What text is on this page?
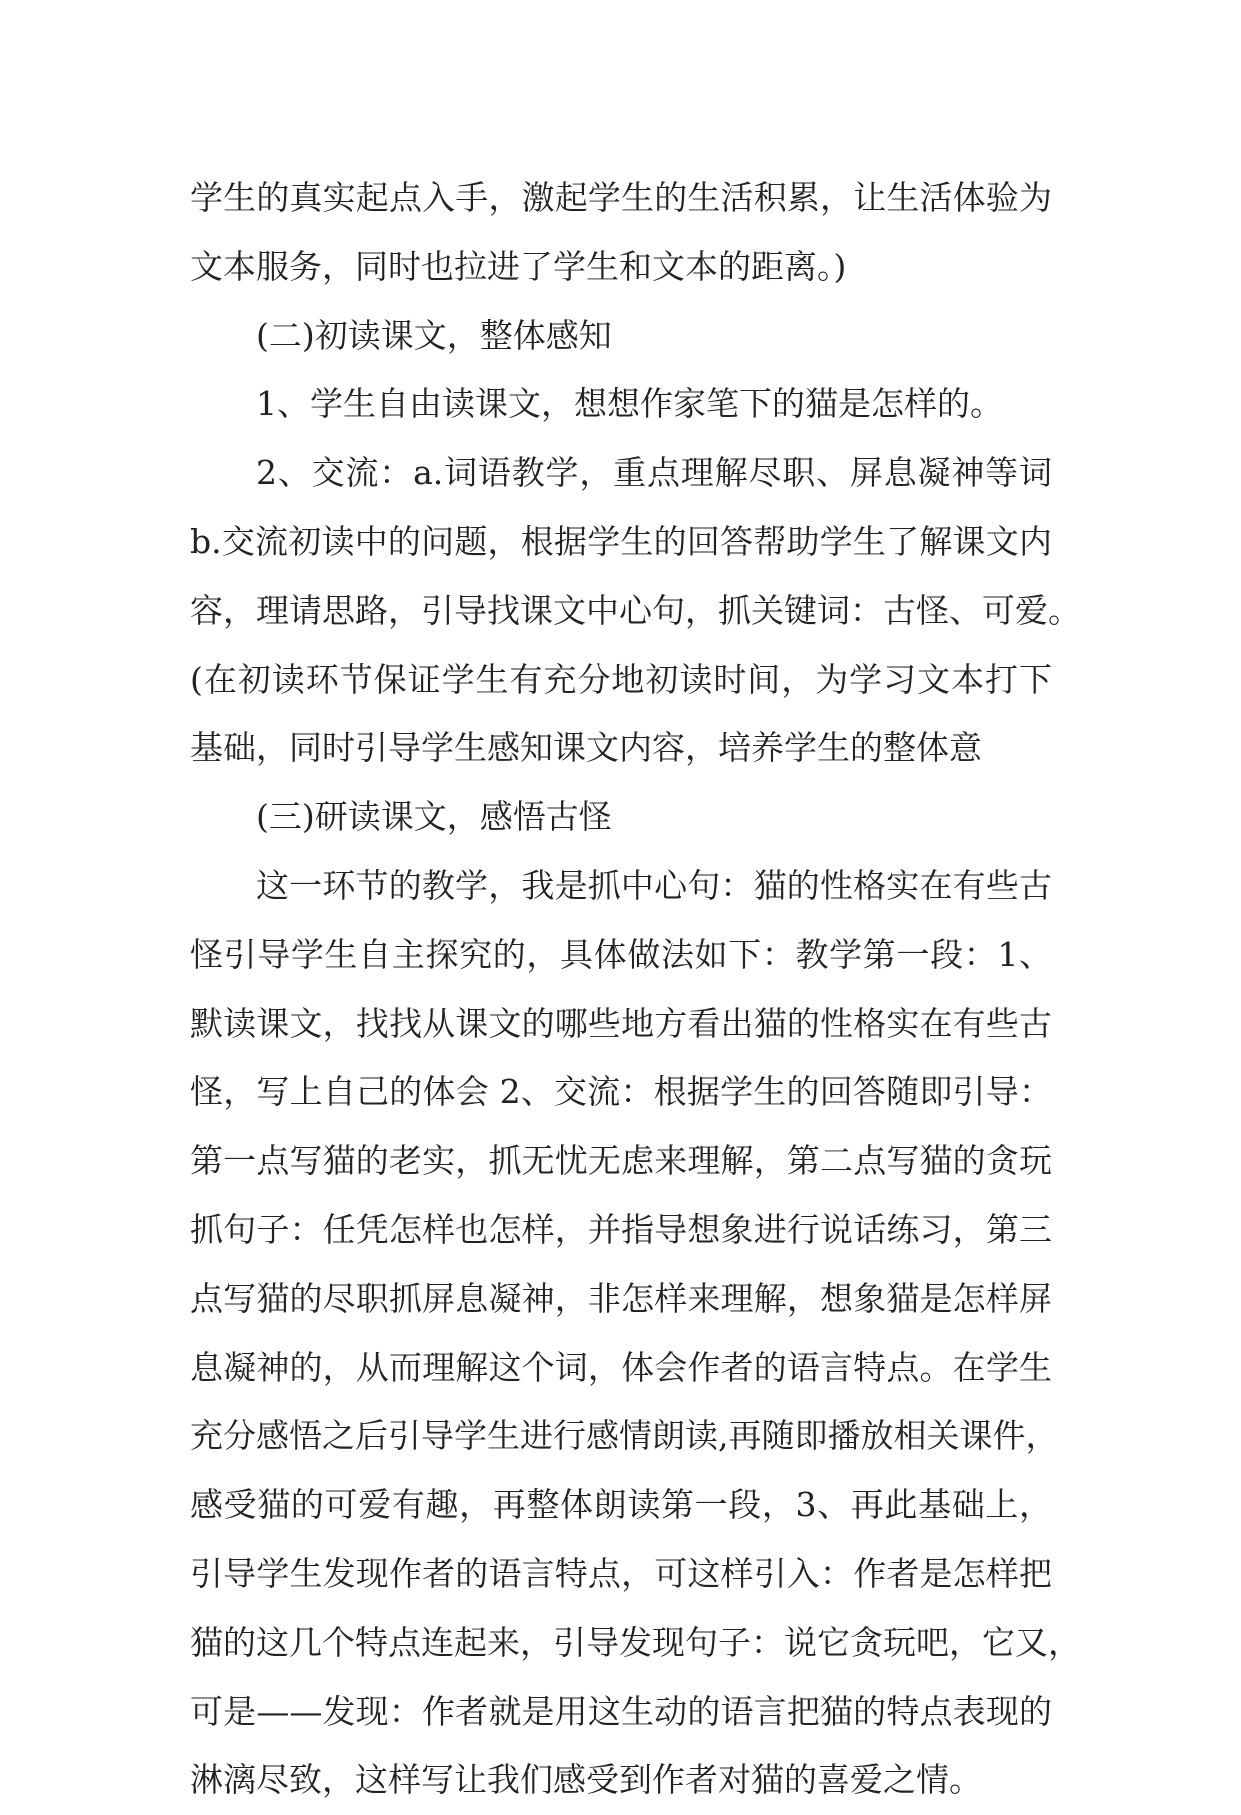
学生的真实起点入手，激起学生的生活积累，让生活体验为
文本服务，同时也拉进了学生和文本的距离。)
(二)初读课文，整体感知
1、学生自由读课文，想想作家笔下的猫是怎样的。
2、交流：a.词语教学，重点理解尽职、屏息凝神等词
b.交流初读中的问题，根据学生的回答帮助学生了解课文内
容，理请思路，引导找课文中心句，抓关键词：古怪、可爱。
(在初读环节保证学生有充分地初读时间，为学习文本打下
基础，同时引导学生感知课文内容，培养学生的整体意
(三)研读课文，感悟古怪
这一环节的教学，我是抓中心句：猫的性格实在有些古
怪引导学生自主探究的，具体做法如下：教学第一段：1、
默读课文，找找从课文的哪些地方看出猫的性格实在有些古
怪，写上自己的体会 2、交流：根据学生的回答随即引导：
第一点写猫的老实，抓无忧无虑来理解，第二点写猫的贪玩
抓句子：任凭怎样也怎样，并指导想象进行说话练习，第三
点写猫的尽职抓屏息凝神，非怎样来理解，想象猫是怎样屏
息凝神的，从而理解这个词，体会作者的语言特点。在学生
充分感悟之后引导学生进行感情朗读,再随即播放相关课件，
感受猫的可爱有趣，再整体朗读第一段，3、再此基础上，
引导学生发现作者的语言特点，可这样引入：作者是怎样把
猫的这几个特点连起来，引导发现句子：说它贪玩吧，它又，
可是——发现：作者就是用这生动的语言把猫的特点表现的
淋漓尽致，这样写让我们感受到作者对猫的喜爱之情。
